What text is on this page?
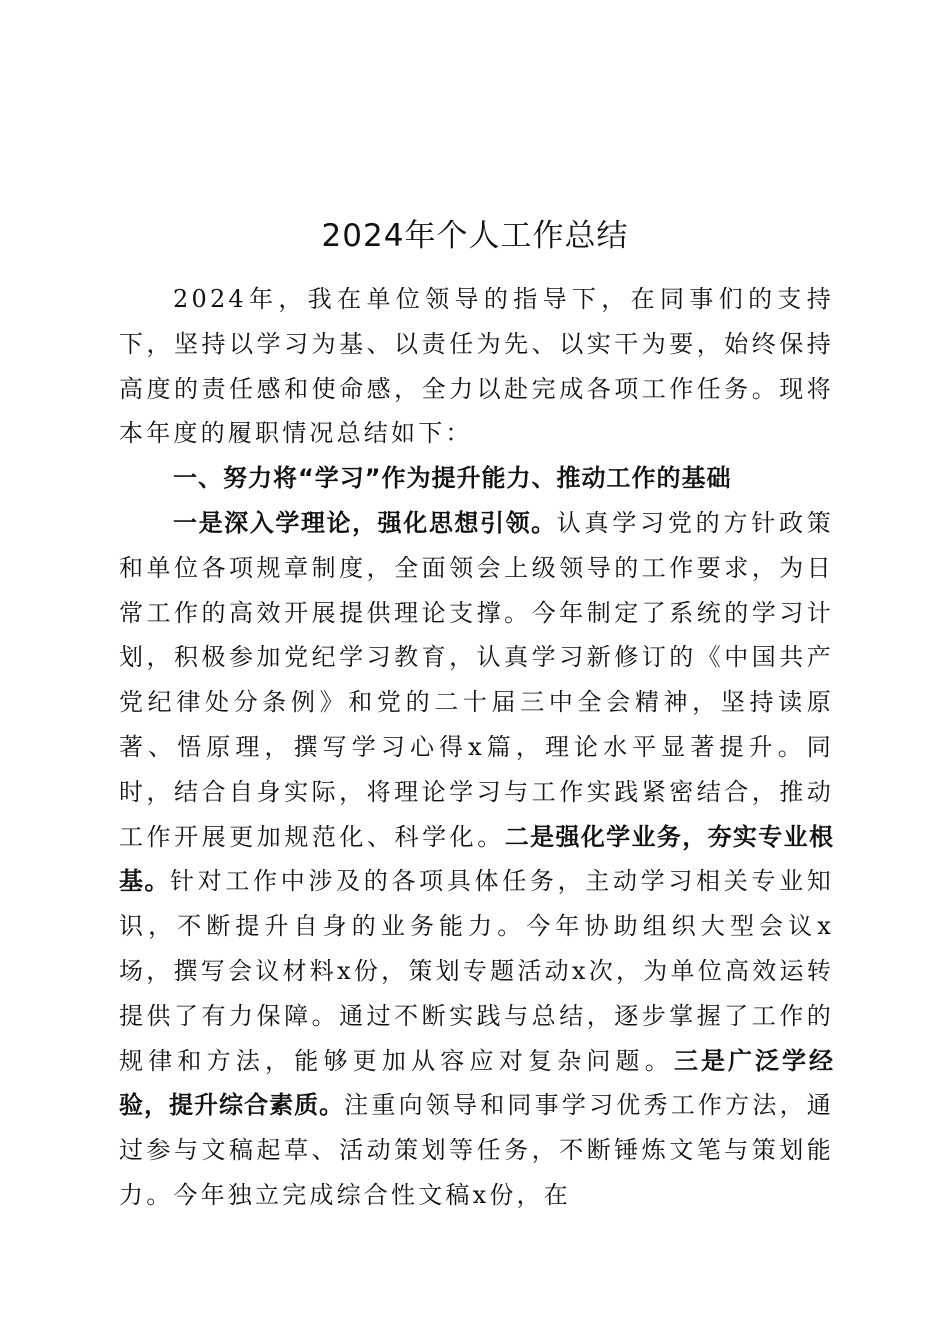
2024年个人工作总结

2024年，我在单位领导的指导下，在同事们的支持下，坚持以学习为基、以责任为先、以实干为要，始终保持高度的责任感和使命感，全力以赴完成各项工作任务。现将本年度的履职情况总结如下：

一、努力将“学习”作为提升能力、推动工作的基础

一是深入学理论，强化思想引领。认真学习党的方针政策和单位各项规章制度，全面领会上级领导的工作要求，为日常工作的高效开展提供理论支撑。今年制定了系统的学习计划，积极参加党纪学习教育，认真学习新修订的《中国共产党纪律处分条例》和党的二十届三中全会精神，坚持读原著、悟原理，撰写学习心得x篇，理论水平显著提升。同时，结合自身实际，将理论学习与工作实践紧密结合，推动工作开展更加规范化、科学化。二是强化学业务，夯实专业根基。针对工作中涉及的各项具体任务，主动学习相关专业知识，不断提升自身的业务能力。今年协助组织大型会议x场，撰写会议材料x份，策划专题活动x次，为单位高效运转提供了有力保障。通过不断实践与总结，逐步掌握了工作的规律和方法，能够更加从容应对复杂问题。三是广泛学经验，提升综合素质。注重向领导和同事学习优秀工作方法，通过参与文稿起草、活动策划等任务，不断锤炼文笔与策划能力。今年独立完成综合性文稿x份，在
